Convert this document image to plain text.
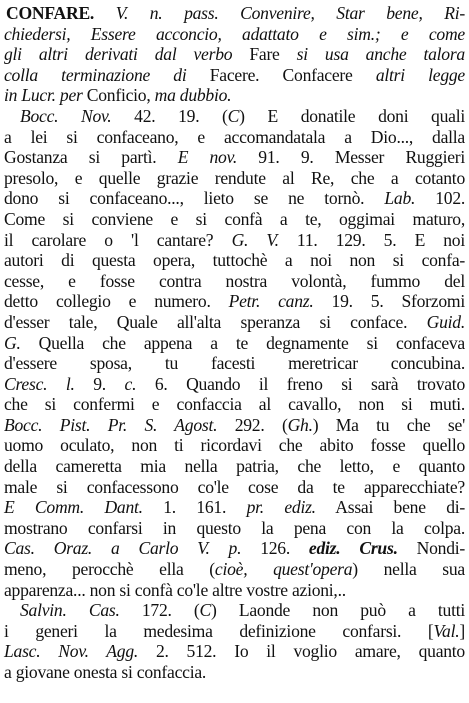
CONFARE. V. n. pass. Convenire, Star bene, Ri-
chiedersi, Essere acconcio, adattato e sim.; e come
gli altri derivati dal verbo Fare si usa anche talora
colla terminazione di Facere. Confacere altri legge
in Lucr. per Conficio, ma dubbio.
Bocc. Nov. 42. 19. (C) E donatile doni quali
a lei si confaceano, e accomandatala a Dio..., dalla
Gostanza si partì. E nov. 91. 9. Messer Ruggieri
presolo, e quelle grazie rendute al Re, che a cotanto
dono si confaceano..., lieto se ne tornò. Lab. 102.
Come si conviene e si confà a te, oggimai maturo,
il carolare o 'l cantare? G. V. 11. 129. 5. E noi
autori di questa opera, tuttochè a noi non si confa-
cesse, e fosse contra nostra volontà, fummo del
detto collegio e numero. Petr. canz. 19. 5. Sforzomi
d'esser tale, Quale all'alta speranza si conface. Guid.
G. Quella che appena a te degnamente si confaceva
d'essere sposa, tu facesti meretricar concubina.
Cresc. l. 9. c. 6. Quando il freno si sarà trovato
che si confermi e confaccia al cavallo, non si muti.
Bocc. Pist. Pr. S. Agost. 292. (Gh.) Ma tu che se'
uomo oculato, non ti ricordavi che abito fosse quello
della cameretta mia nella patria, che letto, e quanto
male si confacessono co'le cose da te apparecchiate?
E Comm. Dant. 1. 161. pr. ediz. Assai bene di-
mostrano confarsi in questo la pena con la colpa.
Cas. Oraz. a Carlo V. p. 126. ediz. Crus. Nondi-
meno, perocchè ella (cioè, quest'opera) nella sua
apparenza... non si confà co'le altre vostre azioni,..
Salvin. Cas. 172. (C) Laonde non può a tutti
i generi la medesima definizione confarsi. [Val.]
Lasc. Nov. Agg. 2. 512. Io il voglio amare, quanto
a giovane onesta si confaccia.
